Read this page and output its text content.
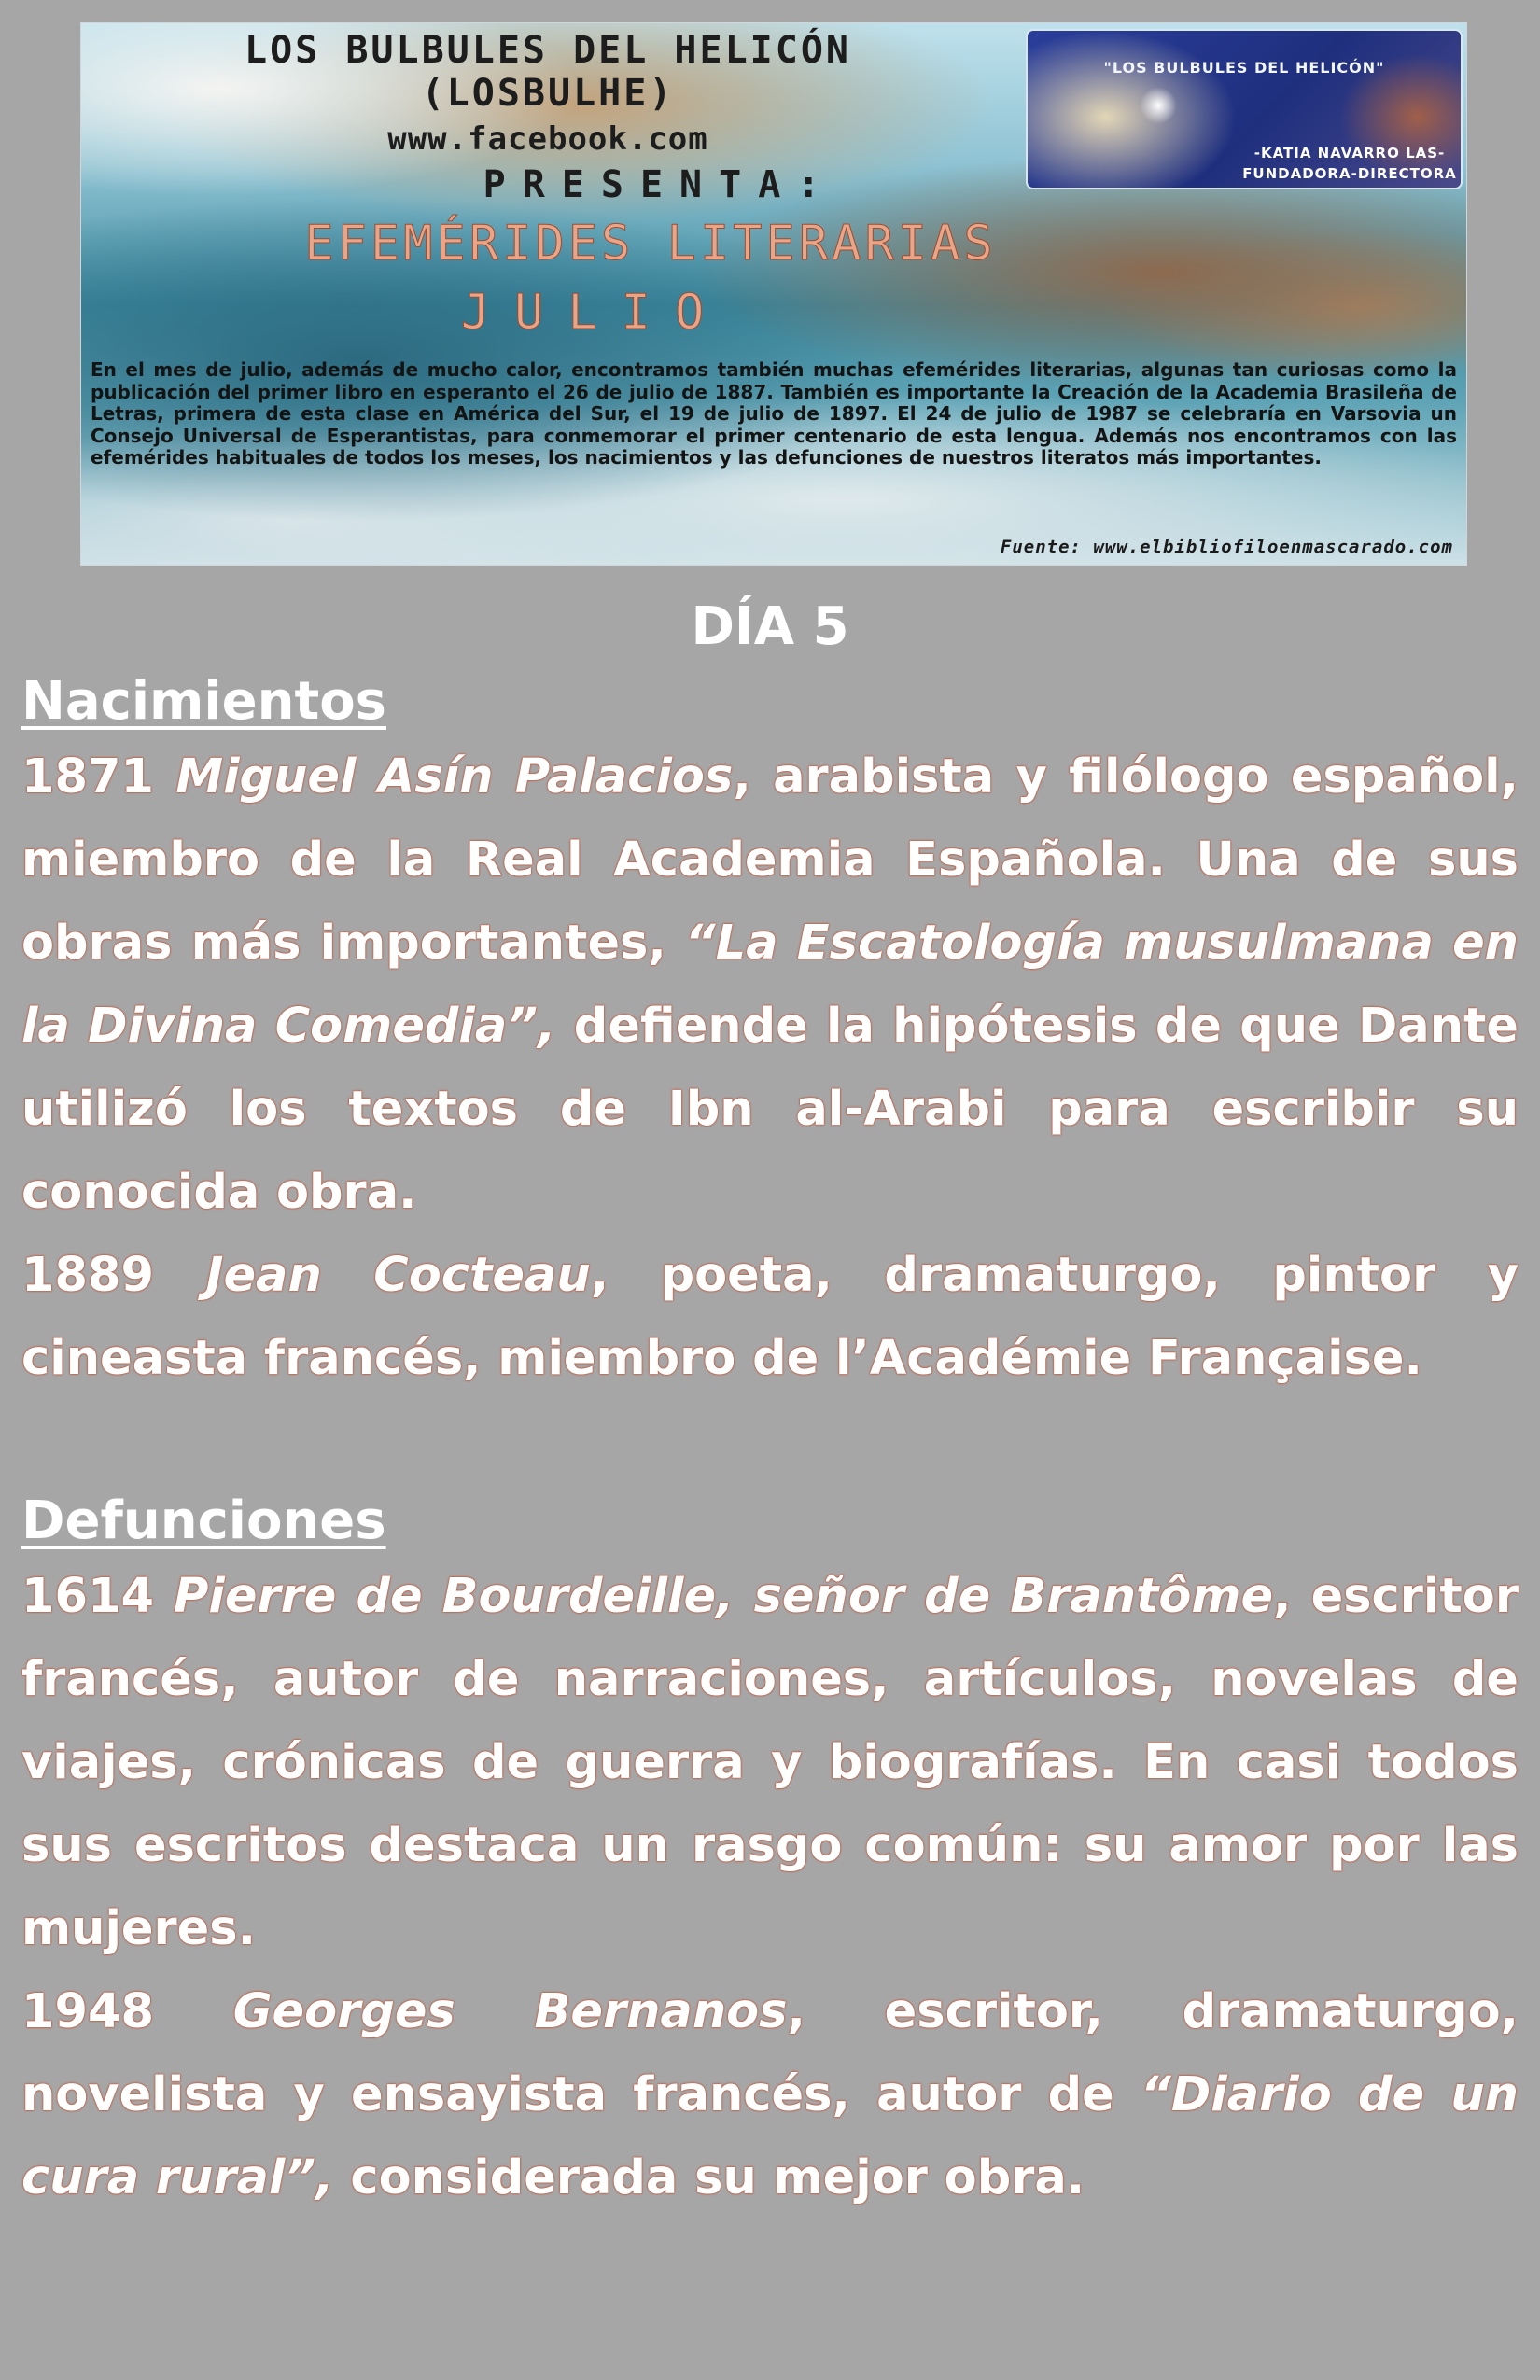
LOS BULBULES DEL HELICÓN

(LOSBULHE)

www.facebook.com

PRESENTA:

EFEMÉRIDES LITERARIAS

JULIO

"LOS BULBULES DEL HELICÓN"

-KATIA NAVARRO LAS-

FUNDADORA-DIRECTORA

En el mes de julio, además de mucho calor, encontramos también muchas efemérides literarias, algunas tan curiosas como la publicación del primer libro en esperanto el 26 de julio de 1887. También es importante la Creación de la Academia Brasileña de Letras, primera de esta clase en América del Sur, el 19 de julio de 1897. El 24 de julio de 1987 se celebraría en Varsovia un Consejo Universal de Esperantistas, para conmemorar el primer centenario de esta lengua. Además nos encontramos con las efemérides habituales de todos los meses, los nacimientos y las defunciones de nuestros literatos más importantes.

Fuente: www.elbibliofiloenmascarado.com

DÍA 5

Nacimientos

1871 Miguel Asín Palacios, arabista y filólogo español, miembro de la Real Academia Española. Una de sus obras más importantes, “La Escatología musulmana en la Divina Comedia”, defiende la hipótesis de que Dante utilizó los textos de Ibn al-Arabi para escribir su conocida obra.

1889 Jean Cocteau, poeta, dramaturgo, pintor y cineasta francés, miembro de l’Académie Française.

Defunciones

1614 Pierre de Bourdeille, señor de Brantôme, escritor francés, autor de narraciones, artículos, novelas de viajes, crónicas de guerra y biografías. En casi todos sus escritos destaca un rasgo común: su amor por las mujeres.

1948 Georges Bernanos, escritor, dramaturgo, novelista y ensayista francés, autor de “Diario de un cura rural”, considerada su mejor obra.
